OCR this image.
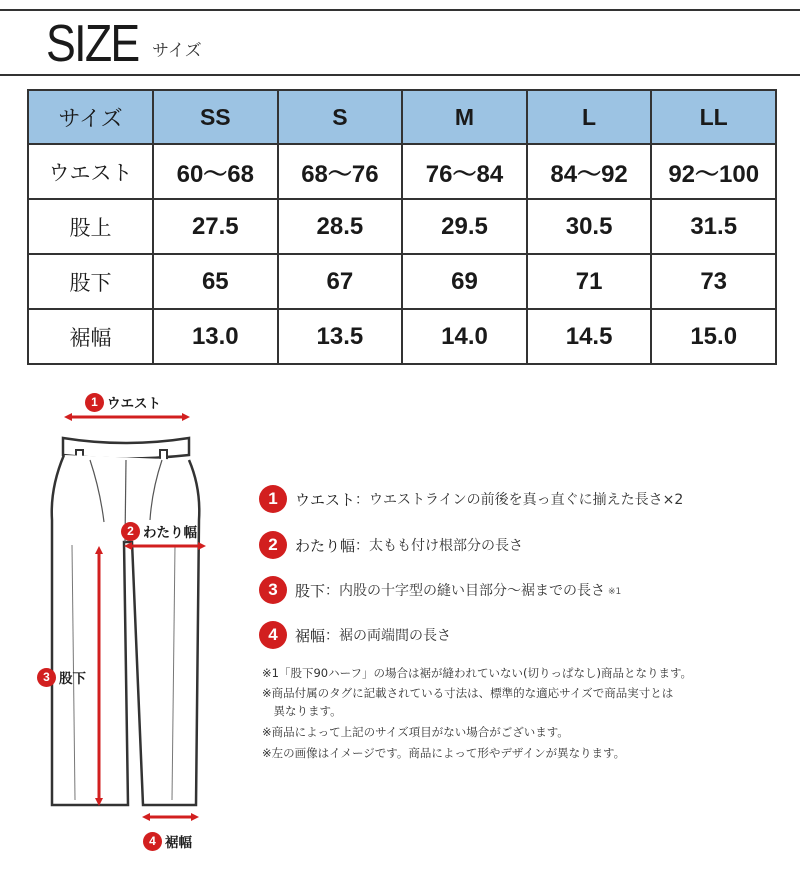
SIZE サイズ
サイズ	SS	S	M	L	LL
ウエスト	60〜68	68〜76	76〜84	84〜92	92〜100
股上	27.5	28.5	29.5	30.5	31.5
股下	65	67	69	71	73
裾幅	13.0	13.5	14.0	14.5	15.0
1 ウエスト
2 わたり幅
3 股下
4 裾幅
1	ウエスト ：ウエストラインの前後を真っ直ぐに揃えた長さ×2
2	わたり幅 ：太もも付け根部分の長さ
3	股下 ：内股の十字型の縫い目部分〜裾までの長さ ※1
4	裾幅 ：裾の両端間の長さ
※1「股下90ハーフ」の場合は裾が縫われていない(切りっぱなし)商品となります。
※商品付属のタグに記載されている寸法は、標準的な適応サイズで商品実寸とは
　異なります。
※商品によって上記のサイズ項目がない場合がございます。
※左の画像はイメージです。商品によって形やデザインが異なります。
